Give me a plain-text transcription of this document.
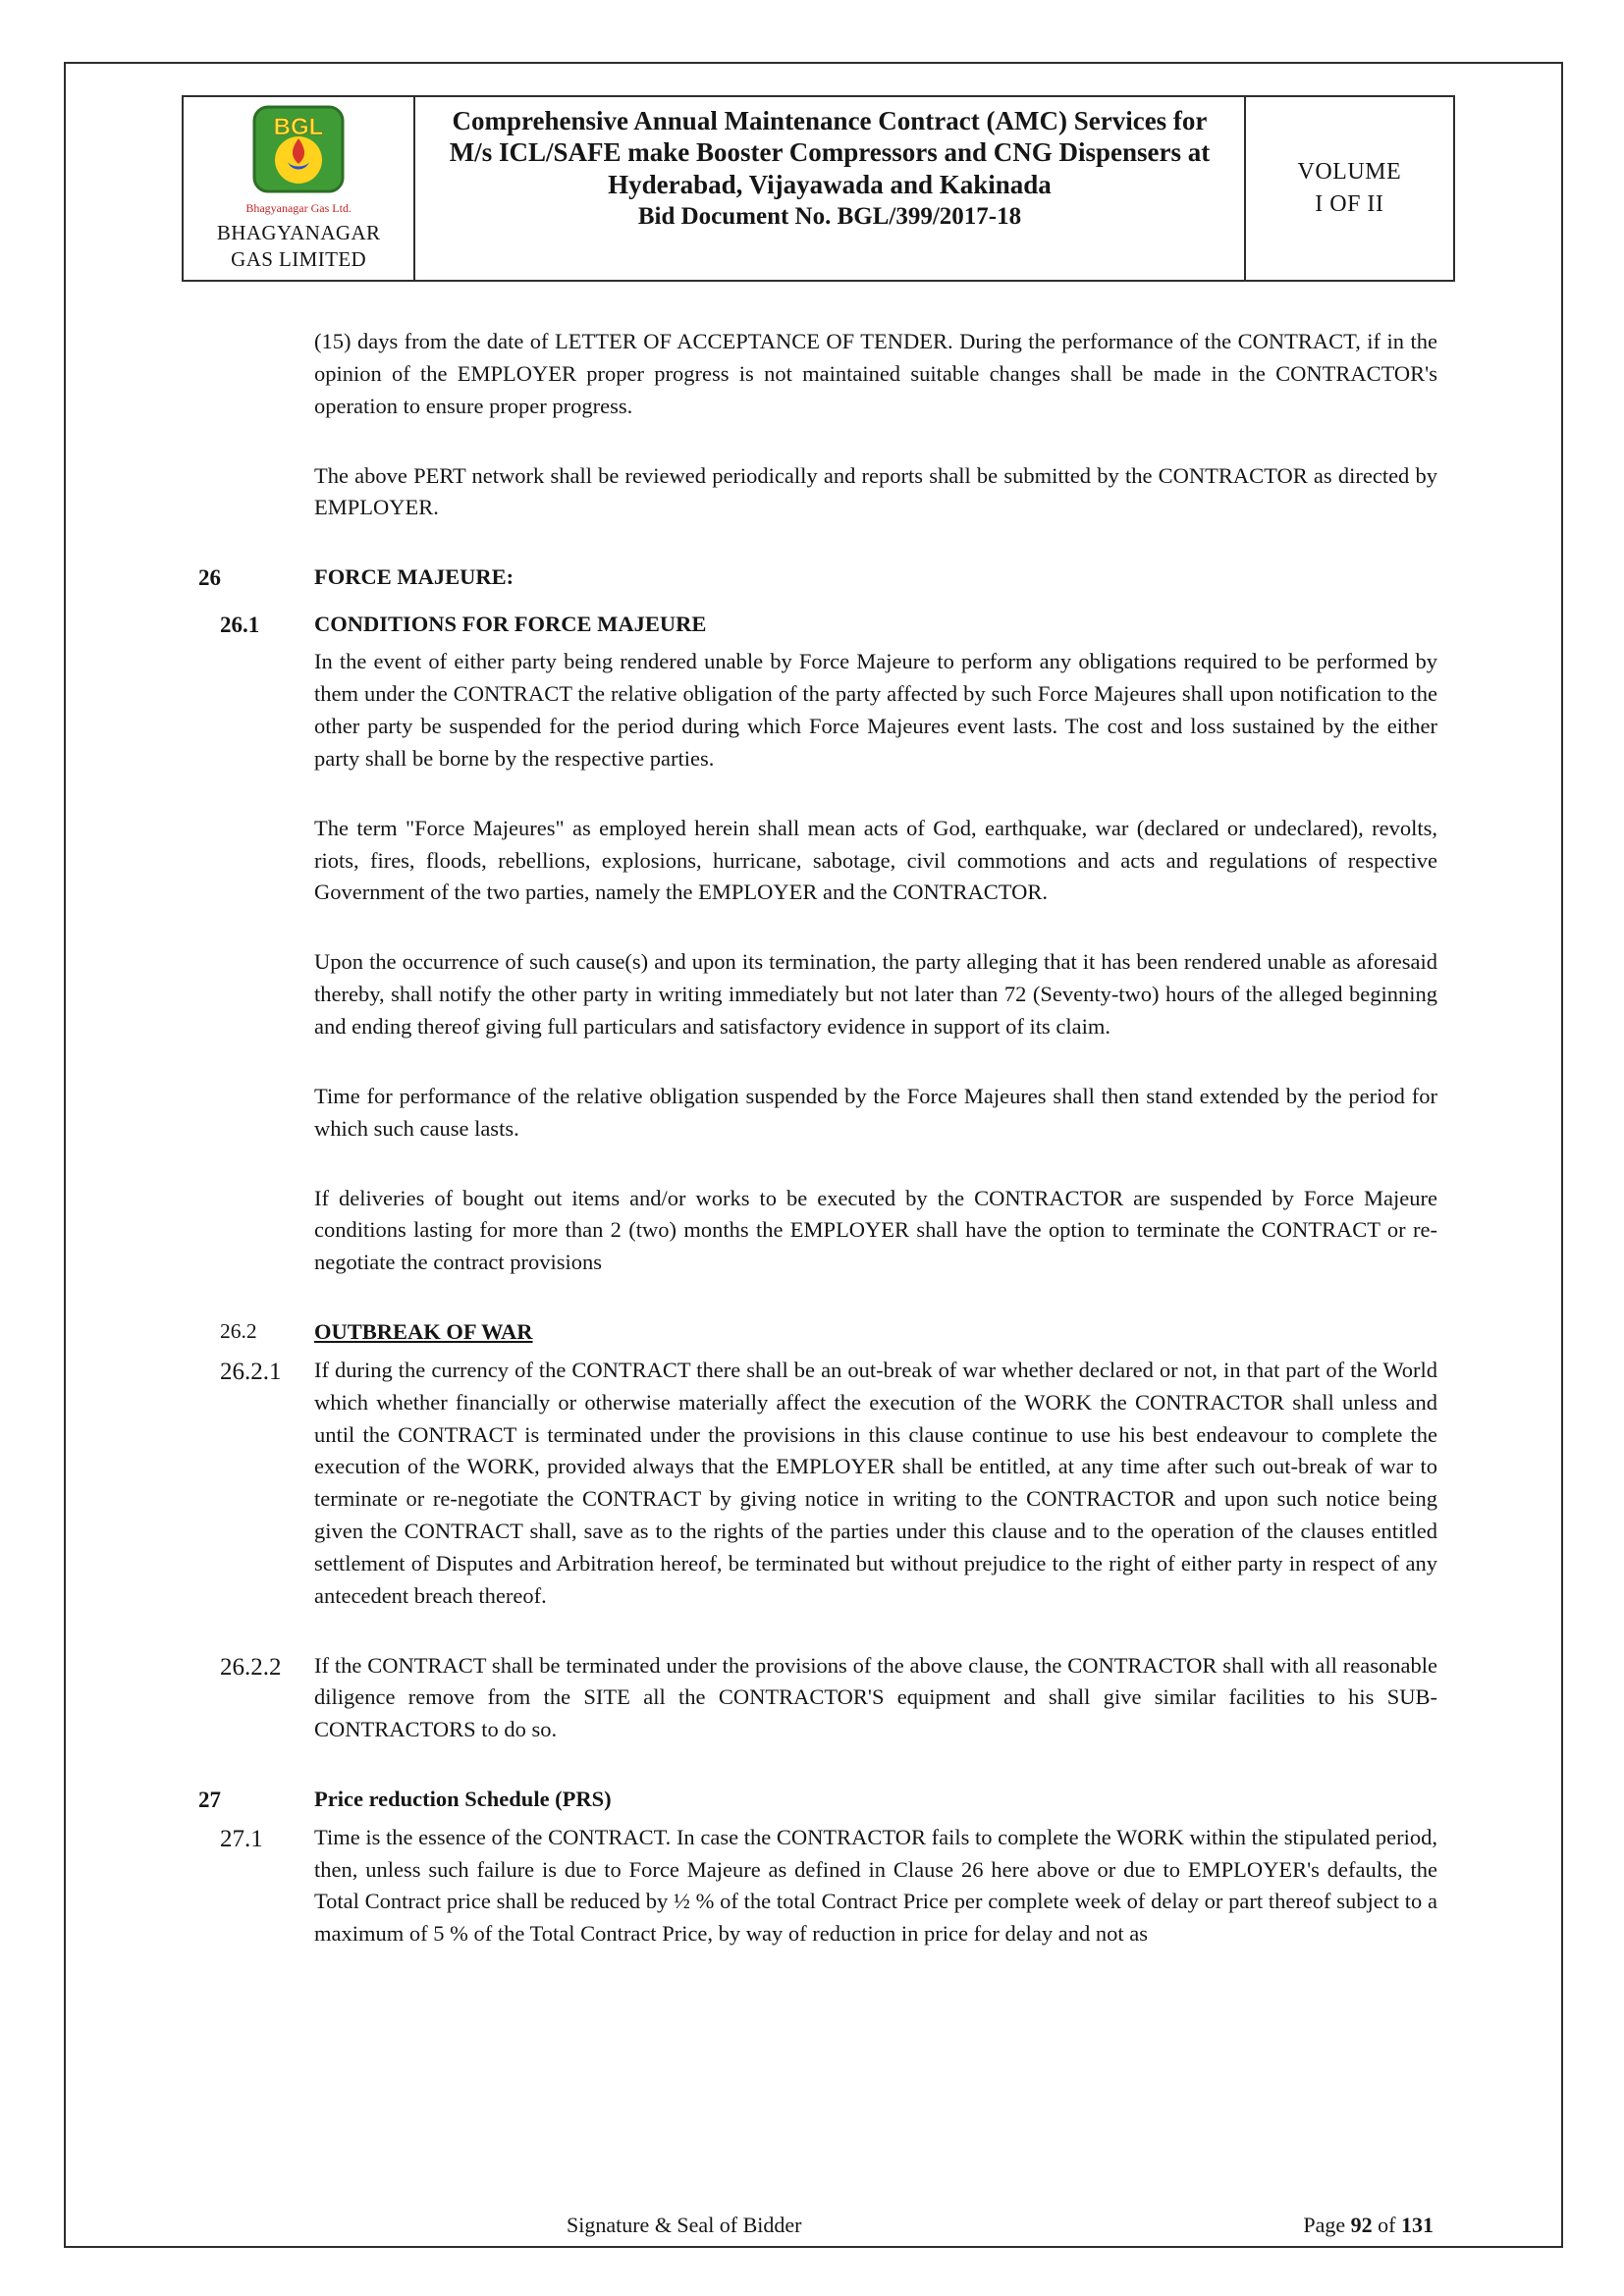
BGL
Bhagyanagar Gas Ltd.
BHAGYANAGAR
GAS LIMITED
Comprehensive Annual Maintenance Contract (AMC) Services for M/s ICL/SAFE make Booster Compressors and CNG Dispensers at Hyderabad, Vijayawada and Kakinada
Bid Document No. BGL/399/2017-18
VOLUME
I OF II
(15) days from the date of LETTER OF ACCEPTANCE OF TENDER. During the performance of the CONTRACT, if in the opinion of the EMPLOYER proper progress is not maintained suitable changes shall be made in the CONTRACTOR's operation to ensure proper progress.
The above PERT network shall be reviewed periodically and reports shall be submitted by the CONTRACTOR as directed by EMPLOYER.
26	FORCE MAJEURE:
26.1	CONDITIONS FOR FORCE MAJEURE
In the event of either party being rendered unable by Force Majeure to perform any obligations required to be performed by them under the CONTRACT the relative obligation of the party affected by such Force Majeures shall upon notification to the other party be suspended for the period during which Force Majeures event lasts. The cost and loss sustained by the either party shall be borne by the respective parties.
The term "Force Majeures" as employed herein shall mean acts of God, earthquake, war (declared or undeclared), revolts, riots, fires, floods, rebellions, explosions, hurricane, sabotage, civil commotions and acts and regulations of respective Government of the two parties, namely the EMPLOYER and the CONTRACTOR.
Upon the occurrence of such cause(s) and upon its termination, the party alleging that it has been rendered unable as aforesaid thereby, shall notify the other party in writing immediately but not later than 72 (Seventy-two) hours of the alleged beginning and ending thereof giving full particulars and satisfactory evidence in support of its claim.
Time for performance of the relative obligation suspended by the Force Majeures shall then stand extended by the period for which such cause lasts.
If deliveries of bought out items and/or works to be executed by the CONTRACTOR are suspended by Force Majeure conditions lasting for more than 2 (two) months the EMPLOYER shall have the option to terminate the CONTRACT or re-negotiate the contract provisions
26.2	OUTBREAK OF WAR
26.2.1	If during the currency of the CONTRACT there shall be an out-break of war whether declared or not, in that part of the World which whether financially or otherwise materially affect the execution of the WORK the CONTRACTOR shall unless and until the CONTRACT is terminated under the provisions in this clause continue to use his best endeavour to complete the execution of the WORK, provided always that the EMPLOYER shall be entitled, at any time after such out-break of war to terminate or re-negotiate the CONTRACT by giving notice in writing to the CONTRACTOR and upon such notice being given the CONTRACT shall, save as to the rights of the parties under this clause and to the operation of the clauses entitled settlement of Disputes and Arbitration hereof, be terminated but without prejudice to the right of either party in respect of any antecedent breach thereof.
26.2.2	If the CONTRACT shall be terminated under the provisions of the above clause, the CONTRACTOR shall with all reasonable diligence remove from the SITE all the CONTRACTOR'S equipment and shall give similar facilities to his SUB-CONTRACTORS to do so.
27	Price reduction Schedule (PRS)
27.1	Time is the essence of the CONTRACT. In case the CONTRACTOR fails to complete the WORK within the stipulated period, then, unless such failure is due to Force Majeure as defined in Clause 26 here above or due to EMPLOYER's defaults, the Total Contract price shall be reduced by ½ % of the total Contract Price per complete week of delay or part thereof subject to a maximum of 5 % of the Total Contract Price, by way of reduction in price for delay and not as
Signature & Seal of Bidder	Page 92 of 131
